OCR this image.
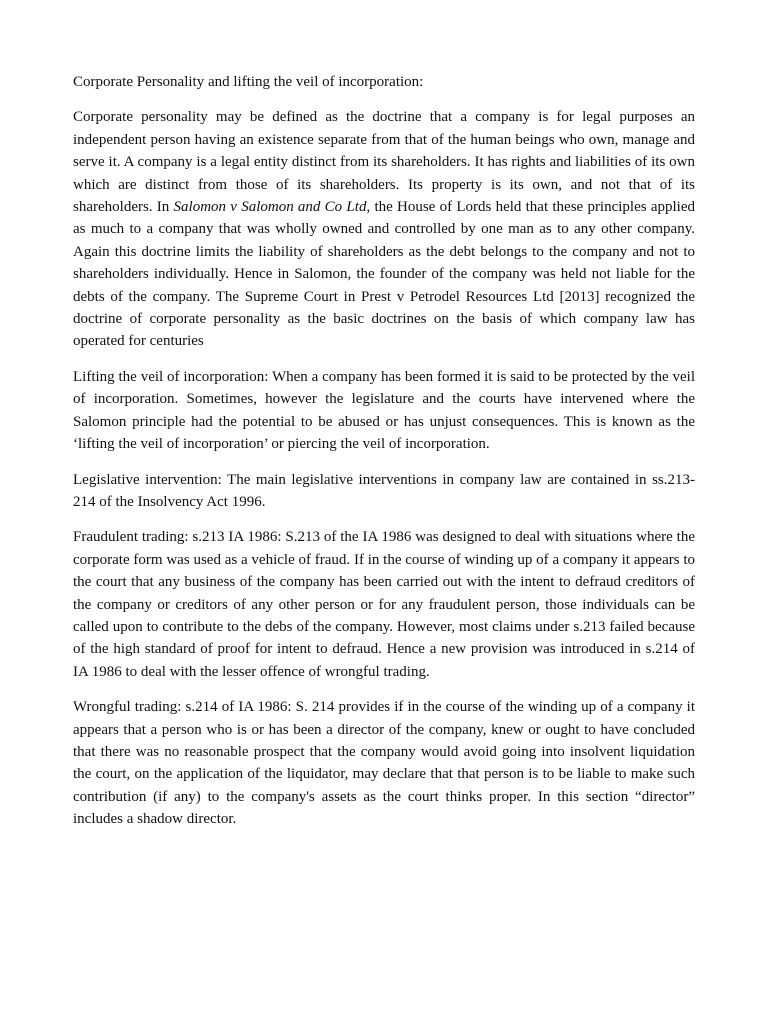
Corporate Personality and lifting the veil of incorporation:

Corporate personality may be defined as the doctrine that a company is for legal purposes an independent person having an existence separate from that of the human beings who own, manage and serve it. A company is a legal entity distinct from its shareholders. It has rights and liabilities of its own which are distinct from those of its shareholders. Its property is its own, and not that of its shareholders. In Salomon v Salomon and Co Ltd, the House of Lords held that these principles applied as much to a company that was wholly owned and controlled by one man as to any other company. Again this doctrine limits the liability of shareholders as the debt belongs to the company and not to shareholders individually. Hence in Salomon, the founder of the company was held not liable for the debts of the company. The Supreme Court in Prest v Petrodel Resources Ltd [2013] recognized the doctrine of corporate personality as the basic doctrines on the basis of which company law has operated for centuries

Lifting the veil of incorporation: When a company has been formed it is said to be protected by the veil of incorporation. Sometimes, however the legislature and the courts have intervened where the Salomon principle had the potential to be abused or has unjust consequences. This is known as the ‘lifting the veil of incorporation’ or piercing the veil of incorporation.

Legislative intervention: The main legislative interventions in company law are contained in ss.213-214 of the Insolvency Act 1996.

Fraudulent trading: s.213 IA 1986: S.213 of the IA 1986 was designed to deal with situations where the corporate form was used as a vehicle of fraud. If in the course of winding up of a company it appears to the court that any business of the company has been carried out with the intent to defraud creditors of the company or creditors of any other person or for any fraudulent person, those individuals can be called upon to contribute to the debs of the company. However, most claims under s.213 failed because of the high standard of proof for intent to defraud. Hence a new provision was introduced in s.214 of IA 1986 to deal with the lesser offence of wrongful trading.

Wrongful trading: s.214 of IA 1986: S. 214 provides if in the course of the winding up of a company it appears that a person who is or has been a director of the company, knew or ought to have concluded that there was no reasonable prospect that the company would avoid going into insolvent liquidation the court, on the application of the liquidator, may declare that that person is to be liable to make such contribution (if any) to the company's assets as the court thinks proper. In this section “director” includes a shadow director.
